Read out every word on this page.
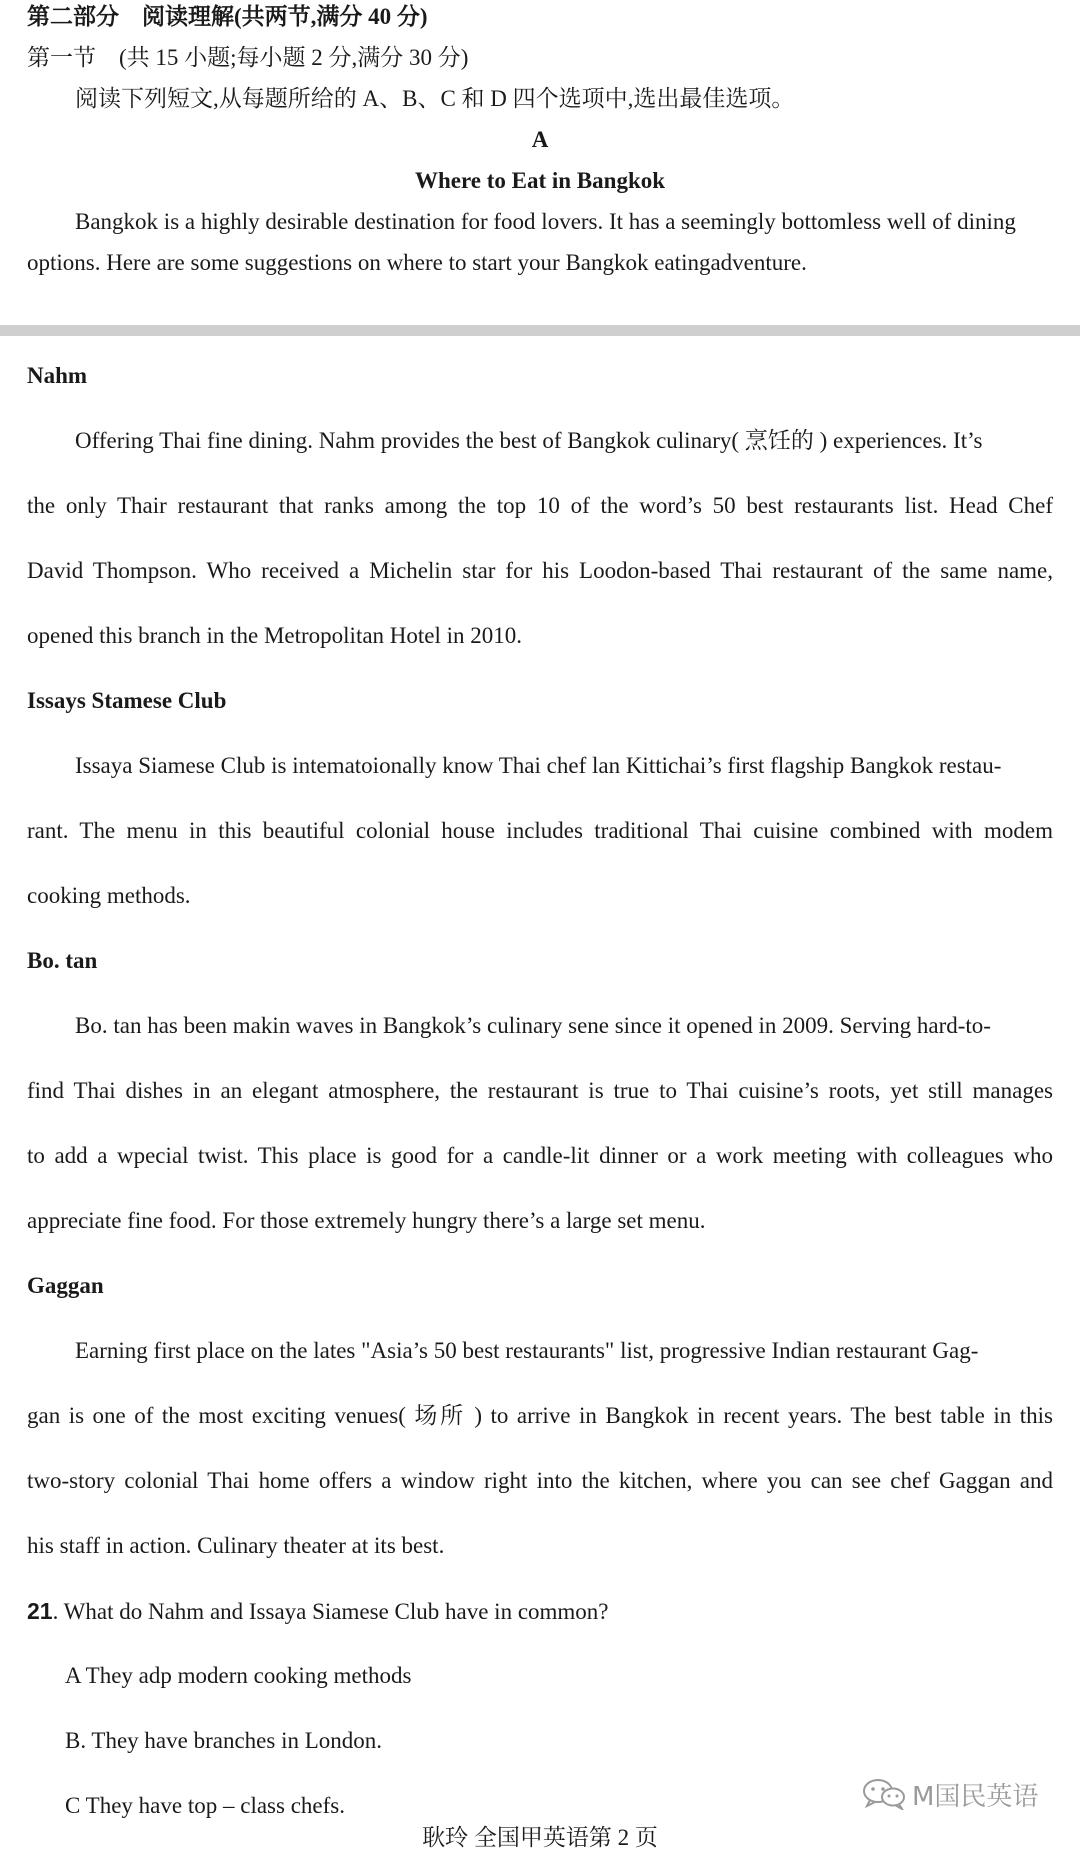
第二部分　阅读理解(共两节,满分 40 分)
第一节　(共 15 小题;每小题 2 分,满分 30 分)
阅读下列短文,从每题所给的 A、B、C 和 D 四个选项中,选出最佳选项。
A
Where to Eat in Bangkok
Bangkok is a highly desirable destination for food lovers. It has a seemingly bottomless well of dining
options. Here are some suggestions on where to start your Bangkok eatingadventure.
Nahm
Offering Thai fine dining. Nahm provides the best of Bangkok culinary( 烹饪的 ) experiences. It’s
the only Thair restaurant that ranks among the top 10 of the word’s 50 best restaurants list. Head Chef
David Thompson. Who received a Michelin star for his Loodon-based Thai restaurant of the same name,
opened this branch in the Metropolitan Hotel in 2010.
Issays Stamese Club
Issaya Siamese Club is intematoionally know Thai chef lan Kittichai’s first flagship Bangkok restau-
rant. The menu in this beautiful colonial house includes traditional Thai cuisine combined with modem
cooking methods.
Bo. tan
Bo. tan has been makin waves in Bangkok’s culinary sene since it opened in 2009. Serving hard-to-
find Thai dishes in an elegant atmosphere, the restaurant is true to Thai cuisine’s roots, yet still manages
to add a wpecial twist. This place is good for a candle-lit dinner or a work meeting with colleagues who
appreciate fine food. For those extremely hungry there’s a large set menu.
Gaggan
Earning first place on the lates "Asia’s 50 best restaurants" list, progressive Indian restaurant Gag-
gan is one of the most exciting venues( 场所 ) to arrive in Bangkok in recent years. The best table in this
two-story colonial Thai home offers a window right into the kitchen, where you can see chef Gaggan and
his staff in action. Culinary theater at its best.
21. What do Nahm and Issaya Siamese Club have in common?
A They adp modern cooking methods
B. They have branches in London.
C They have top – class chefs.	M国民英语
耿玲 全国甲英语第 2 页
